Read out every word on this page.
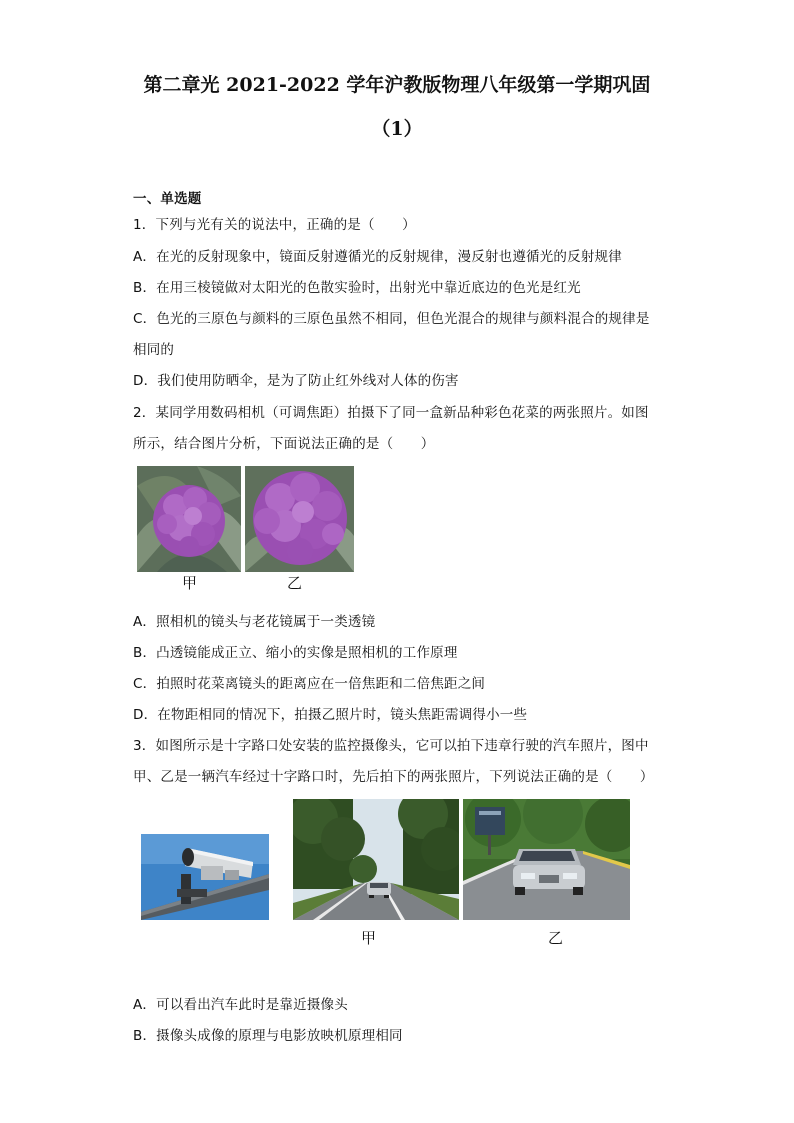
第二章光 2021-2022 学年沪教版物理八年级第一学期巩固
（1）
一、单选题
1．下列与光有关的说法中，正确的是（　　）
A．在光的反射现象中，镜面反射遵循光的反射规律，漫反射也遵循光的反射规律
B．在用三棱镜做对太阳光的色散实验时，出射光中靠近底边的色光是红光
C．色光的三原色与颜料的三原色虽然不相同，但色光混合的规律与颜料混合的规律是
相同的
D．我们使用防晒伞，是为了防止红外线对人体的伤害
2．某同学用数码相机（可调焦距）拍摄下了同一盒新品种彩色花菜的两张照片。如图
所示，结合图片分析，下面说法正确的是（　　）
甲	乙
A．照相机的镜头与老花镜属于一类透镜
B．凸透镜能成正立、缩小的实像是照相机的工作原理
C．拍照时花菜离镜头的距离应在一倍焦距和二倍焦距之间
D．在物距相同的情况下，拍摄乙照片时，镜头焦距需调得小一些
3．如图所示是十字路口处安装的监控摄像头，它可以拍下违章行驶的汽车照片，图中
甲、乙是一辆汽车经过十字路口时，先后拍下的两张照片，下列说法正确的是（　　）
甲	乙
A．可以看出汽车此时是靠近摄像头
B．摄像头成像的原理与电影放映机原理相同
